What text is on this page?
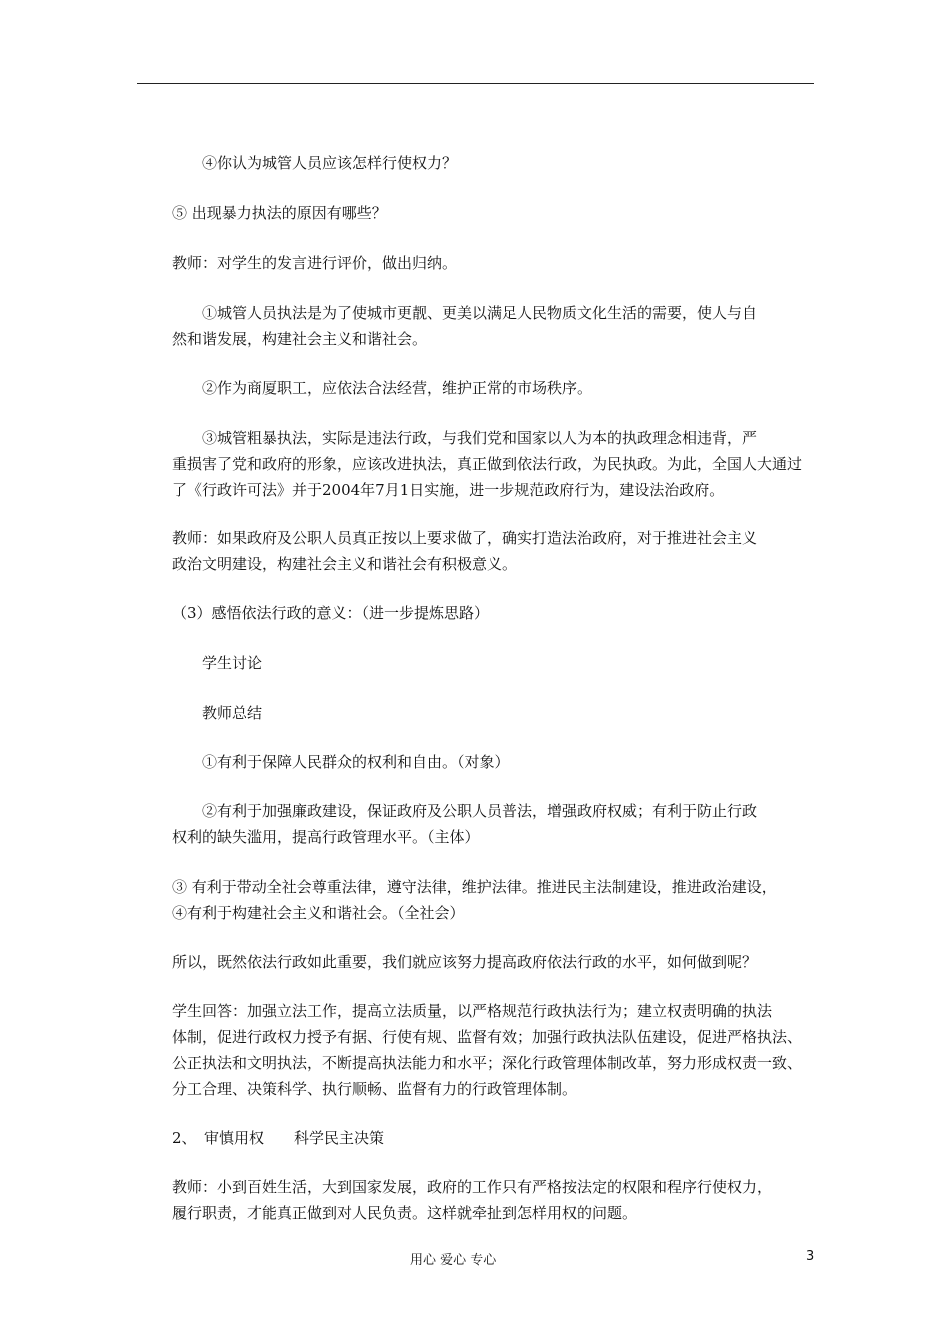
④你认为城管人员应该怎样行使权力？

⑤ 出现暴力执法的原因有哪些？

教师：对学生的发言进行评价，做出归纳。

①城管人员执法是为了使城市更靓、更美以满足人民物质文化生活的需要，使人与自

然和谐发展，构建社会主义和谐社会。

②作为商厦职工，应依法合法经营，维护正常的市场秩序。

③城管粗暴执法，实际是违法行政，与我们党和国家以人为本的执政理念相违背，严

重损害了党和政府的形象，应该改进执法，真正做到依法行政，为民执政。为此，全国人大通过

了《行政许可法》并于2004年7月1日实施，进一步规范政府行为，建设法治政府。

教师：如果政府及公职人员真正按以上要求做了，确实打造法治政府，对于推进社会主义

政治文明建设，构建社会主义和谐社会有积极意义。

（3）感悟依法行政的意义：（进一步提炼思路）

学生讨论

教师总结

①有利于保障人民群众的权利和自由。（对象）

②有利于加强廉政建设，保证政府及公职人员普法，增强政府权威；有利于防止行政

权利的缺失滥用，提高行政管理水平。（主体）

③ 有利于带动全社会尊重法律，遵守法律，维护法律。推进民主法制建设，推进政治建设，

④有利于构建社会主义和谐社会。（全社会）

所以，既然依法行政如此重要，我们就应该努力提高政府依法行政的水平，如何做到呢？

学生回答：加强立法工作，提高立法质量，以严格规范行政执法行为；建立权责明确的执法

体制，促进行政权力授予有据、行使有规、监督有效；加强行政执法队伍建设，促进严格执法、

公正执法和文明执法，不断提高执法能力和水平；深化行政管理体制改革，努力形成权责一致、

分工合理、决策科学、执行顺畅、监督有力的行政管理体制。

2、　审慎用权　　科学民主决策

教师：小到百姓生活，大到国家发展，政府的工作只有严格按法定的权限和程序行使权力，

履行职责，才能真正做到对人民负责。这样就牵扯到怎样用权的问题。

用心 爱心 专心	3
